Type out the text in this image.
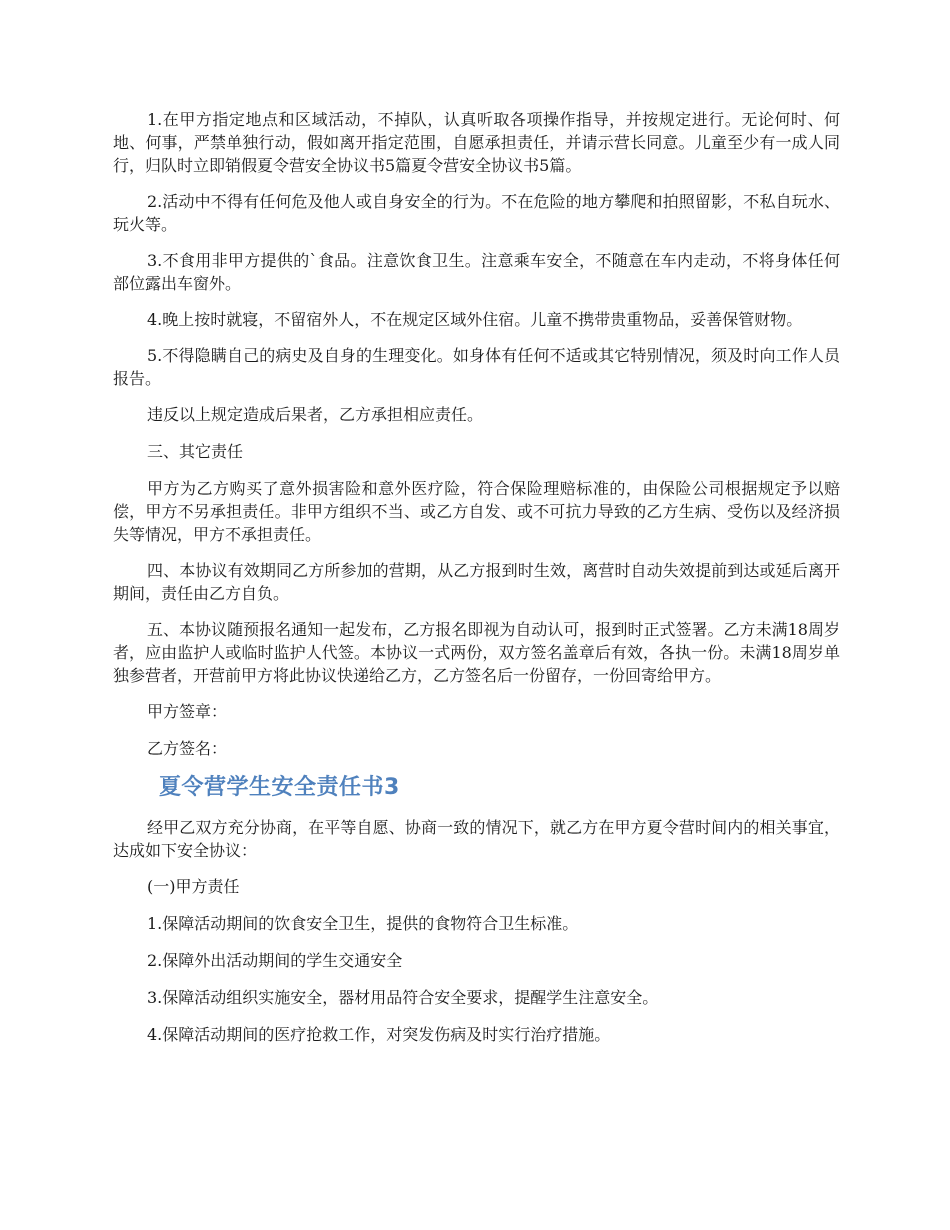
1.在甲方指定地点和区域活动，不掉队，认真听取各项操作指导，并按规定进行。无论何时、何地、何事，严禁单独行动，假如离开指定范围，自愿承担责任，并请示营长同意。儿童至少有一成人同行，归队时立即销假夏令营安全协议书5篇夏令营安全协议书5篇。

2.活动中不得有任何危及他人或自身安全的行为。不在危险的地方攀爬和拍照留影，不私自玩水、玩火等。

3.不食用非甲方提供的`食品。注意饮食卫生。注意乘车安全，不随意在车内走动，不将身体任何部位露出车窗外。

4.晚上按时就寝，不留宿外人，不在规定区域外住宿。儿童不携带贵重物品，妥善保管财物。

5.不得隐瞒自己的病史及自身的生理变化。如身体有任何不适或其它特别情况，须及时向工作人员报告。

违反以上规定造成后果者，乙方承担相应责任。

三、其它责任

甲方为乙方购买了意外损害险和意外医疗险，符合保险理赔标准的，由保险公司根据规定予以赔偿，甲方不另承担责任。非甲方组织不当、或乙方自发、或不可抗力导致的乙方生病、受伤以及经济损失等情况，甲方不承担责任。

四、本协议有效期同乙方所参加的营期，从乙方报到时生效，离营时自动失效提前到达或延后离开期间，责任由乙方自负。

五、本协议随预报名通知一起发布，乙方报名即视为自动认可，报到时正式签署。乙方未满18周岁者，应由监护人或临时监护人代签。本协议一式两份，双方签名盖章后有效，各执一份。未满18周岁单独参营者，开营前甲方将此协议快递给乙方，乙方签名后一份留存，一份回寄给甲方。

甲方签章：

乙方签名：

夏令营学生安全责任书3

经甲乙双方充分协商，在平等自愿、协商一致的情况下，就乙方在甲方夏令营时间内的相关事宜，达成如下安全协议：

(一)甲方责任

1.保障活动期间的饮食安全卫生，提供的食物符合卫生标准。

2.保障外出活动期间的学生交通安全

3.保障活动组织实施安全，器材用品符合安全要求，提醒学生注意安全。

4.保障活动期间的医疗抢救工作，对突发伤病及时实行治疗措施。
